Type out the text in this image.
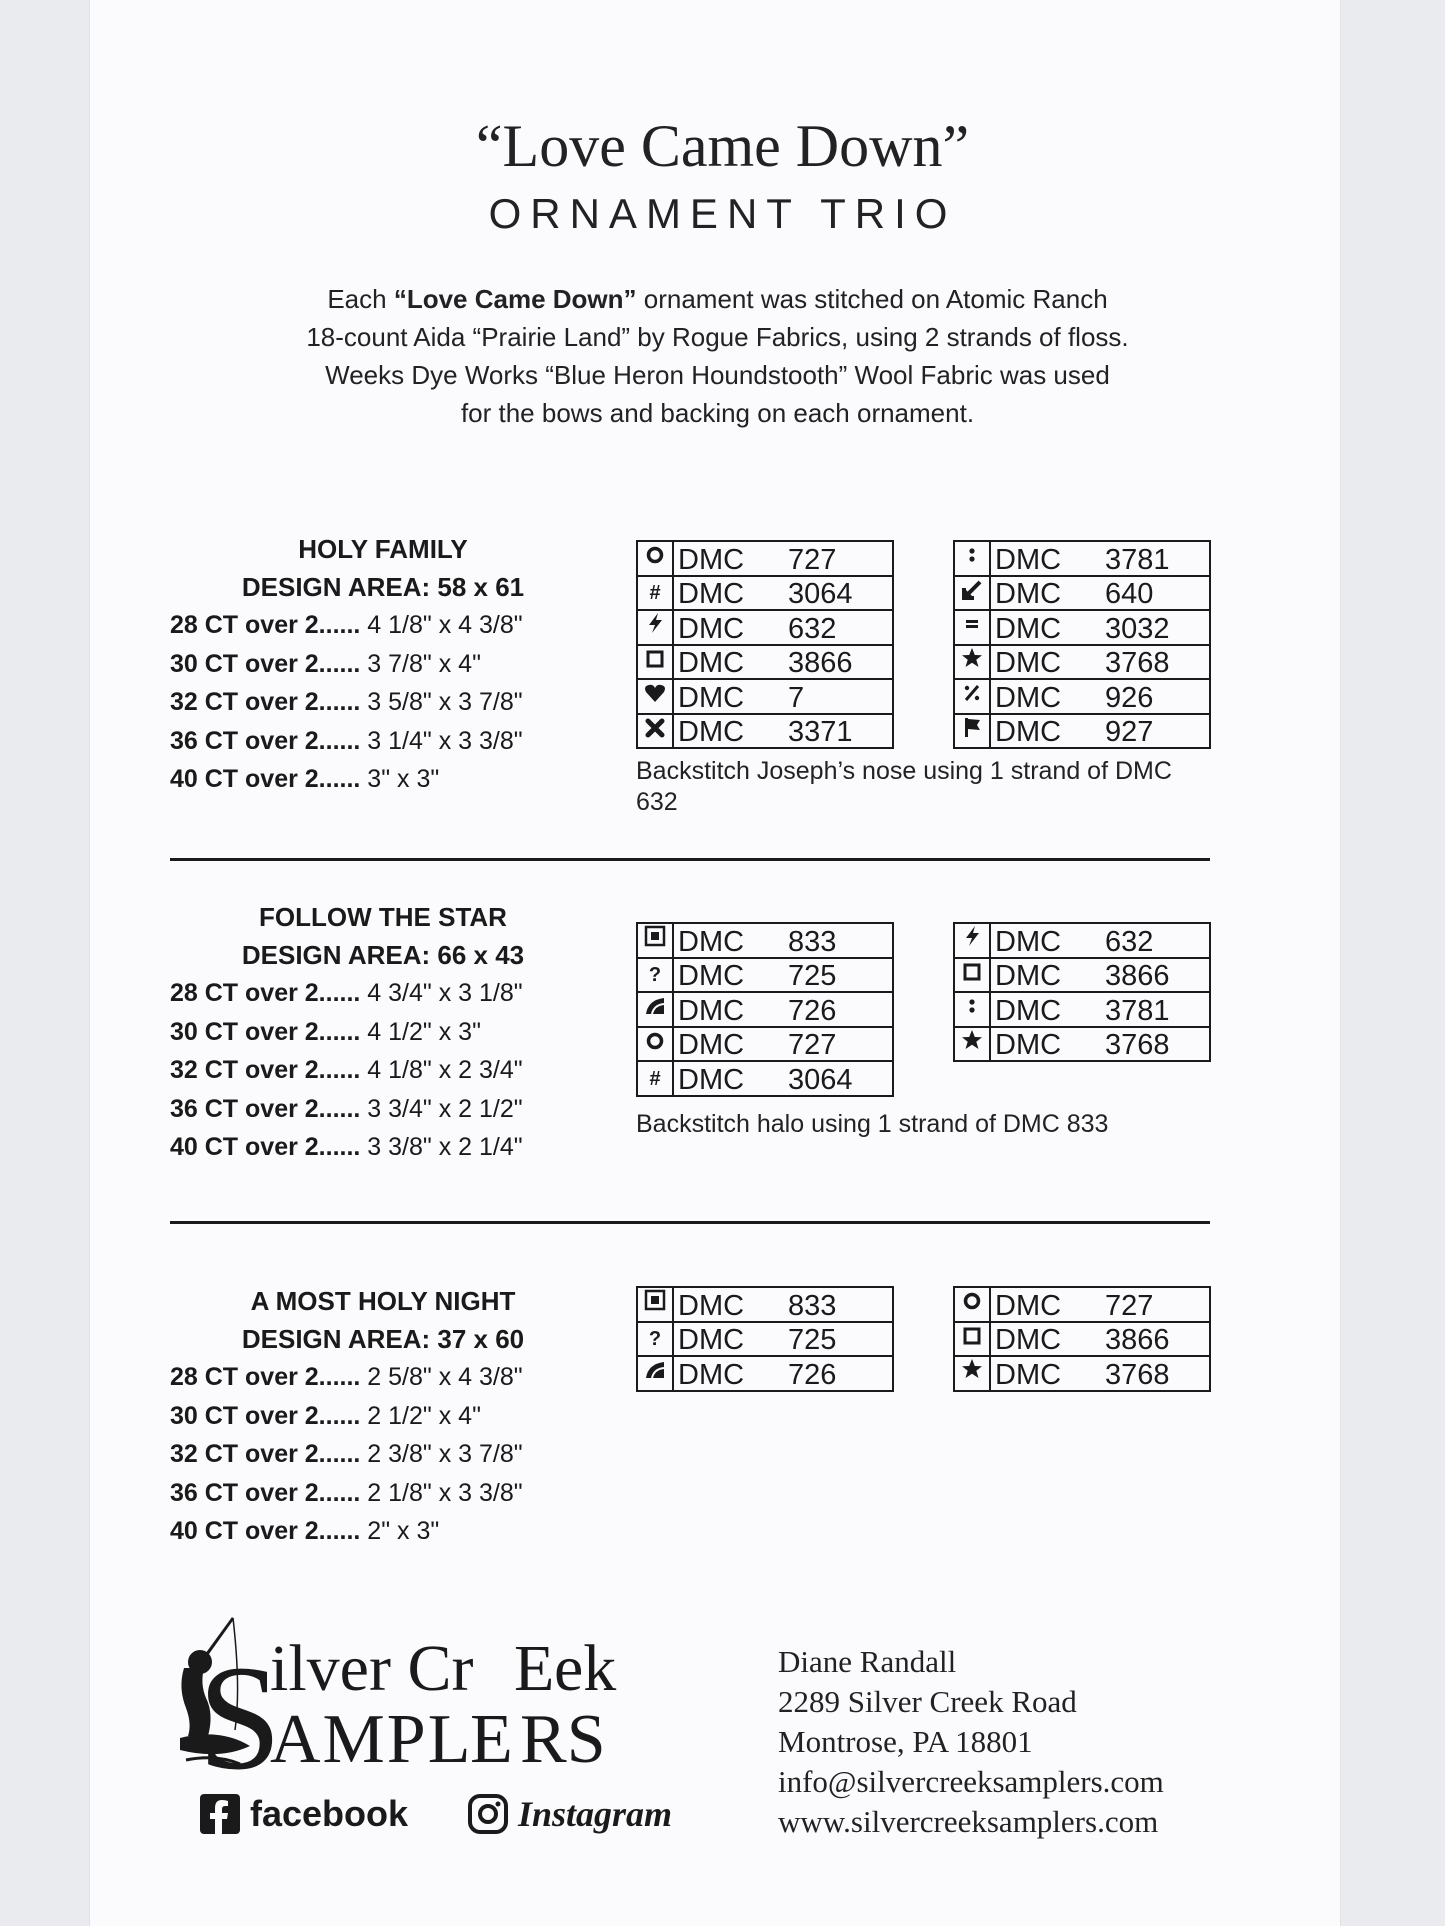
“Love Came Down”
ORNAMENT TRIO
Each “Love Came Down” ornament was stitched on Atomic Ranch
18-count Aida “Prairie Land” by Rogue Fabrics, using 2 strands of floss.
Weeks Dye Works “Blue Heron Houndstooth” Wool Fabric was used
for the bows and backing on each ornament.
HOLY FAMILY
DESIGN AREA: 58 x 61
28 CT over 2...... 4 1/8" x 4 3/8"
30 CT over 2...... 3 7/8" x 4"
32 CT over 2...... 3 5/8" x 3 7/8"
36 CT over 2...... 3 1/4" x 3 3/8"
40 CT over 2...... 3" x 3"
	DMC 727
#	DMC 3064
	DMC 632
	DMC 3866
	DMC 7
	DMC 3371
	DMC 3781
	DMC 640
	DMC 3032
	DMC 3768
	DMC 926
	DMC 927
Backstitch Joseph’s nose using 1 strand of DMC 632
FOLLOW THE STAR
DESIGN AREA: 66 x 43
28 CT over 2...... 4 3/4" x 3 1/8"
30 CT over 2...... 4 1/2" x 3"
32 CT over 2...... 4 1/8" x 2 3/4"
36 CT over 2...... 3 3/4" x 2 1/2"
40 CT over 2...... 3 3/8" x 2 1/4"
	DMC 833
?	DMC 725
	DMC 726
	DMC 727
#	DMC 3064
	DMC 632
	DMC 3866
	DMC 3781
	DMC 3768
Backstitch halo using 1 strand of DMC 833
A MOST HOLY NIGHT
DESIGN AREA: 37 x 60
28 CT over 2...... 2 5/8" x 4 3/8"
30 CT over 2...... 2 1/2" x 4"
32 CT over 2...... 2 3/8" x 3 7/8"
36 CT over 2...... 2 1/8" x 3 3/8"
40 CT over 2...... 2" x 3"
	DMC 833
?	DMC 725
	DMC 726
	DMC 727
	DMC 3866
	DMC 3768
S
ilver Cr E ek
AMPL
E RS
facebook	Instagram
Diane Randall
2289 Silver Creek Road
Montrose, PA 18801
info@silvercreeksamplers.com
www.silvercreeksamplers.com
